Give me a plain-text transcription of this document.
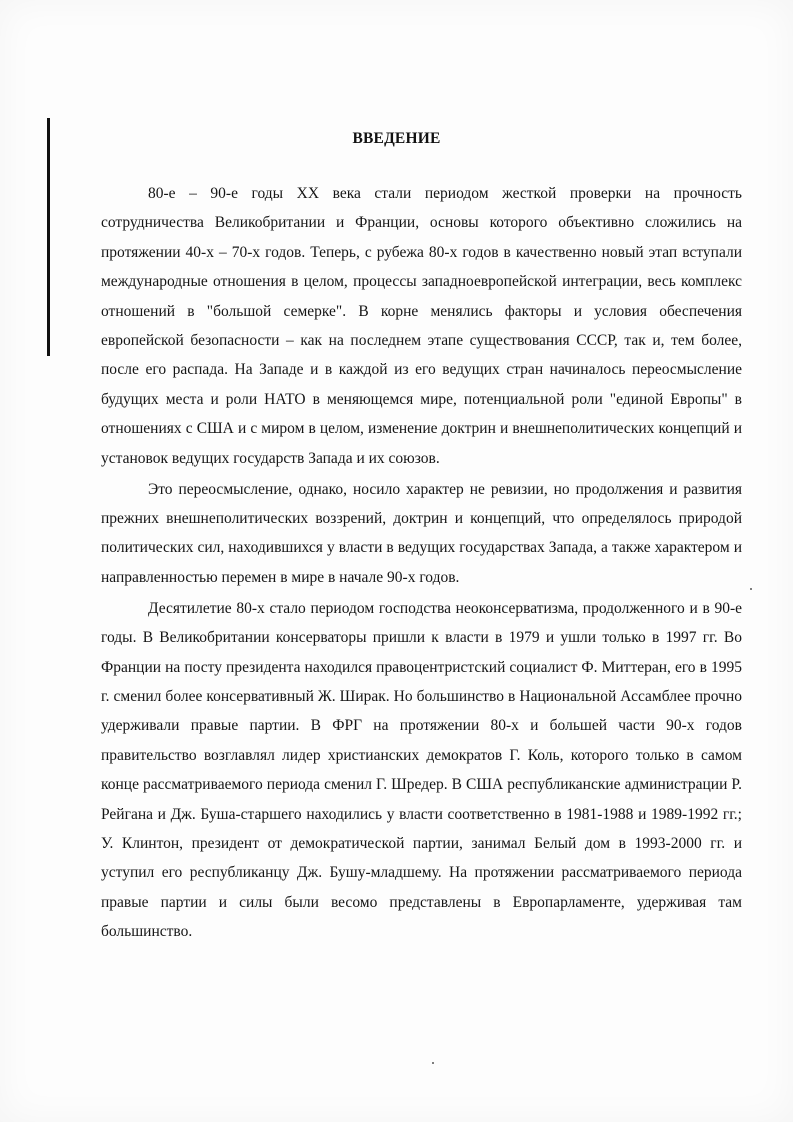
ВВЕДЕНИЕ

80-е – 90-е годы XX века стали периодом жесткой проверки на прочность сотрудничества Великобритании и Франции, основы которого объективно сложились на протяжении 40-х – 70-х годов. Теперь, с рубежа 80-х годов в качественно новый этап вступали международные отношения в целом, процессы западноевропейской интеграции, весь комплекс отношений в "большой семерке". В корне менялись факторы и условия обеспечения европейской безопасности – как на последнем этапе существования СССР, так и, тем более, после его распада. На Западе и в каждой из его ведущих стран начиналось переосмысление будущих места и роли НАТО в меняющемся мире, потенциальной роли "единой Европы" в отношениях с США и с миром в целом, изменение доктрин и внешнеполитических концепций и установок ведущих государств Запада и их союзов.

Это переосмысление, однако, носило характер не ревизии, но продолжения и развития прежних внешнеполитических воззрений, доктрин и концепций, что определялось природой политических сил, находившихся у власти в ведущих государствах Запада, а также характером и направленностью перемен в мире в начале 90-х годов.

Десятилетие 80-х стало периодом господства неоконсерватизма, продолженного и в 90-е годы. В Великобритании консерваторы пришли к власти в 1979 и ушли только в 1997 гг. Во Франции на посту президента находился правоцентристский социалист Ф. Миттеран, его в 1995 г. сменил более консервативный Ж. Ширак. Но большинство в Национальной Ассамблее прочно удерживали правые партии. В ФРГ на протяжении 80-х и большей части 90-х годов правительство возглавлял лидер христианских демократов Г. Коль, которого только в самом конце рассматриваемого периода сменил Г. Шредер. В США республиканские администрации Р. Рейгана и Дж. Буша-старшего находились у власти соответственно в 1981-1988 и 1989-1992 гг.; У. Клинтон, президент от демократической партии, занимал Белый дом в 1993-2000 гг. и уступил его республиканцу Дж. Бушу-младшему. На протяжении рассматриваемого периода правые партии и силы были весомо представлены в Европарламенте, удерживая там большинство.
